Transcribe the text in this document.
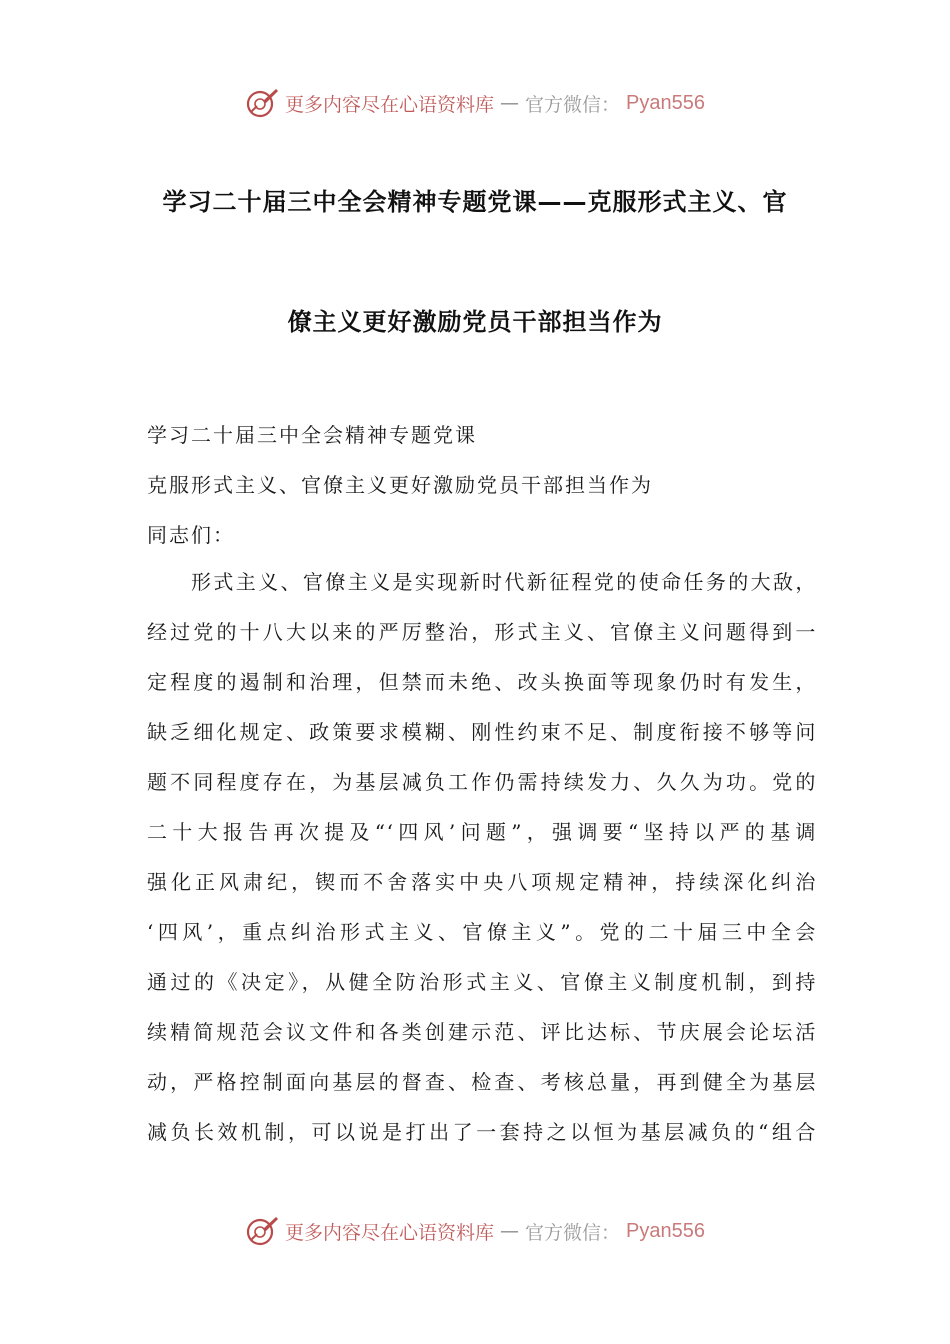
更多内容尽在心语资料库 — 官方微信： Pyan556
学习二十届三中全会精神专题党课——克服形式主义、官
僚主义更好激励党员干部担当作为
学习二十届三中全会精神专题党课
克服形式主义、官僚主义更好激励党员干部担当作为
同志们：
形式主义、官僚主义是实现新时代新征程党的使命任务的大敌，
经过党的十八大以来的严厉整治，形式主义、官僚主义问题得到一
定程度的遏制和治理，但禁而未绝、改头换面等现象仍时有发生，
缺乏细化规定、政策要求模糊、刚性约束不足、制度衔接不够等问
题不同程度存在，为基层减负工作仍需持续发力、久久为功。党的
二十大报告再次提及“‘四风’问题”，强调要“坚持以严的基调
强化正风肃纪，锲而不舍落实中央八项规定精神，持续深化纠治
‘四风’，重点纠治形式主义、官僚主义”。党的二十届三中全会
通过的《决定》，从健全防治形式主义、官僚主义制度机制，到持
续精简规范会议文件和各类创建示范、评比达标、节庆展会论坛活
动，严格控制面向基层的督查、检查、考核总量，再到健全为基层
减负长效机制，可以说是打出了一套持之以恒为基层减负的“组合
更多内容尽在心语资料库 — 官方微信： Pyan556
